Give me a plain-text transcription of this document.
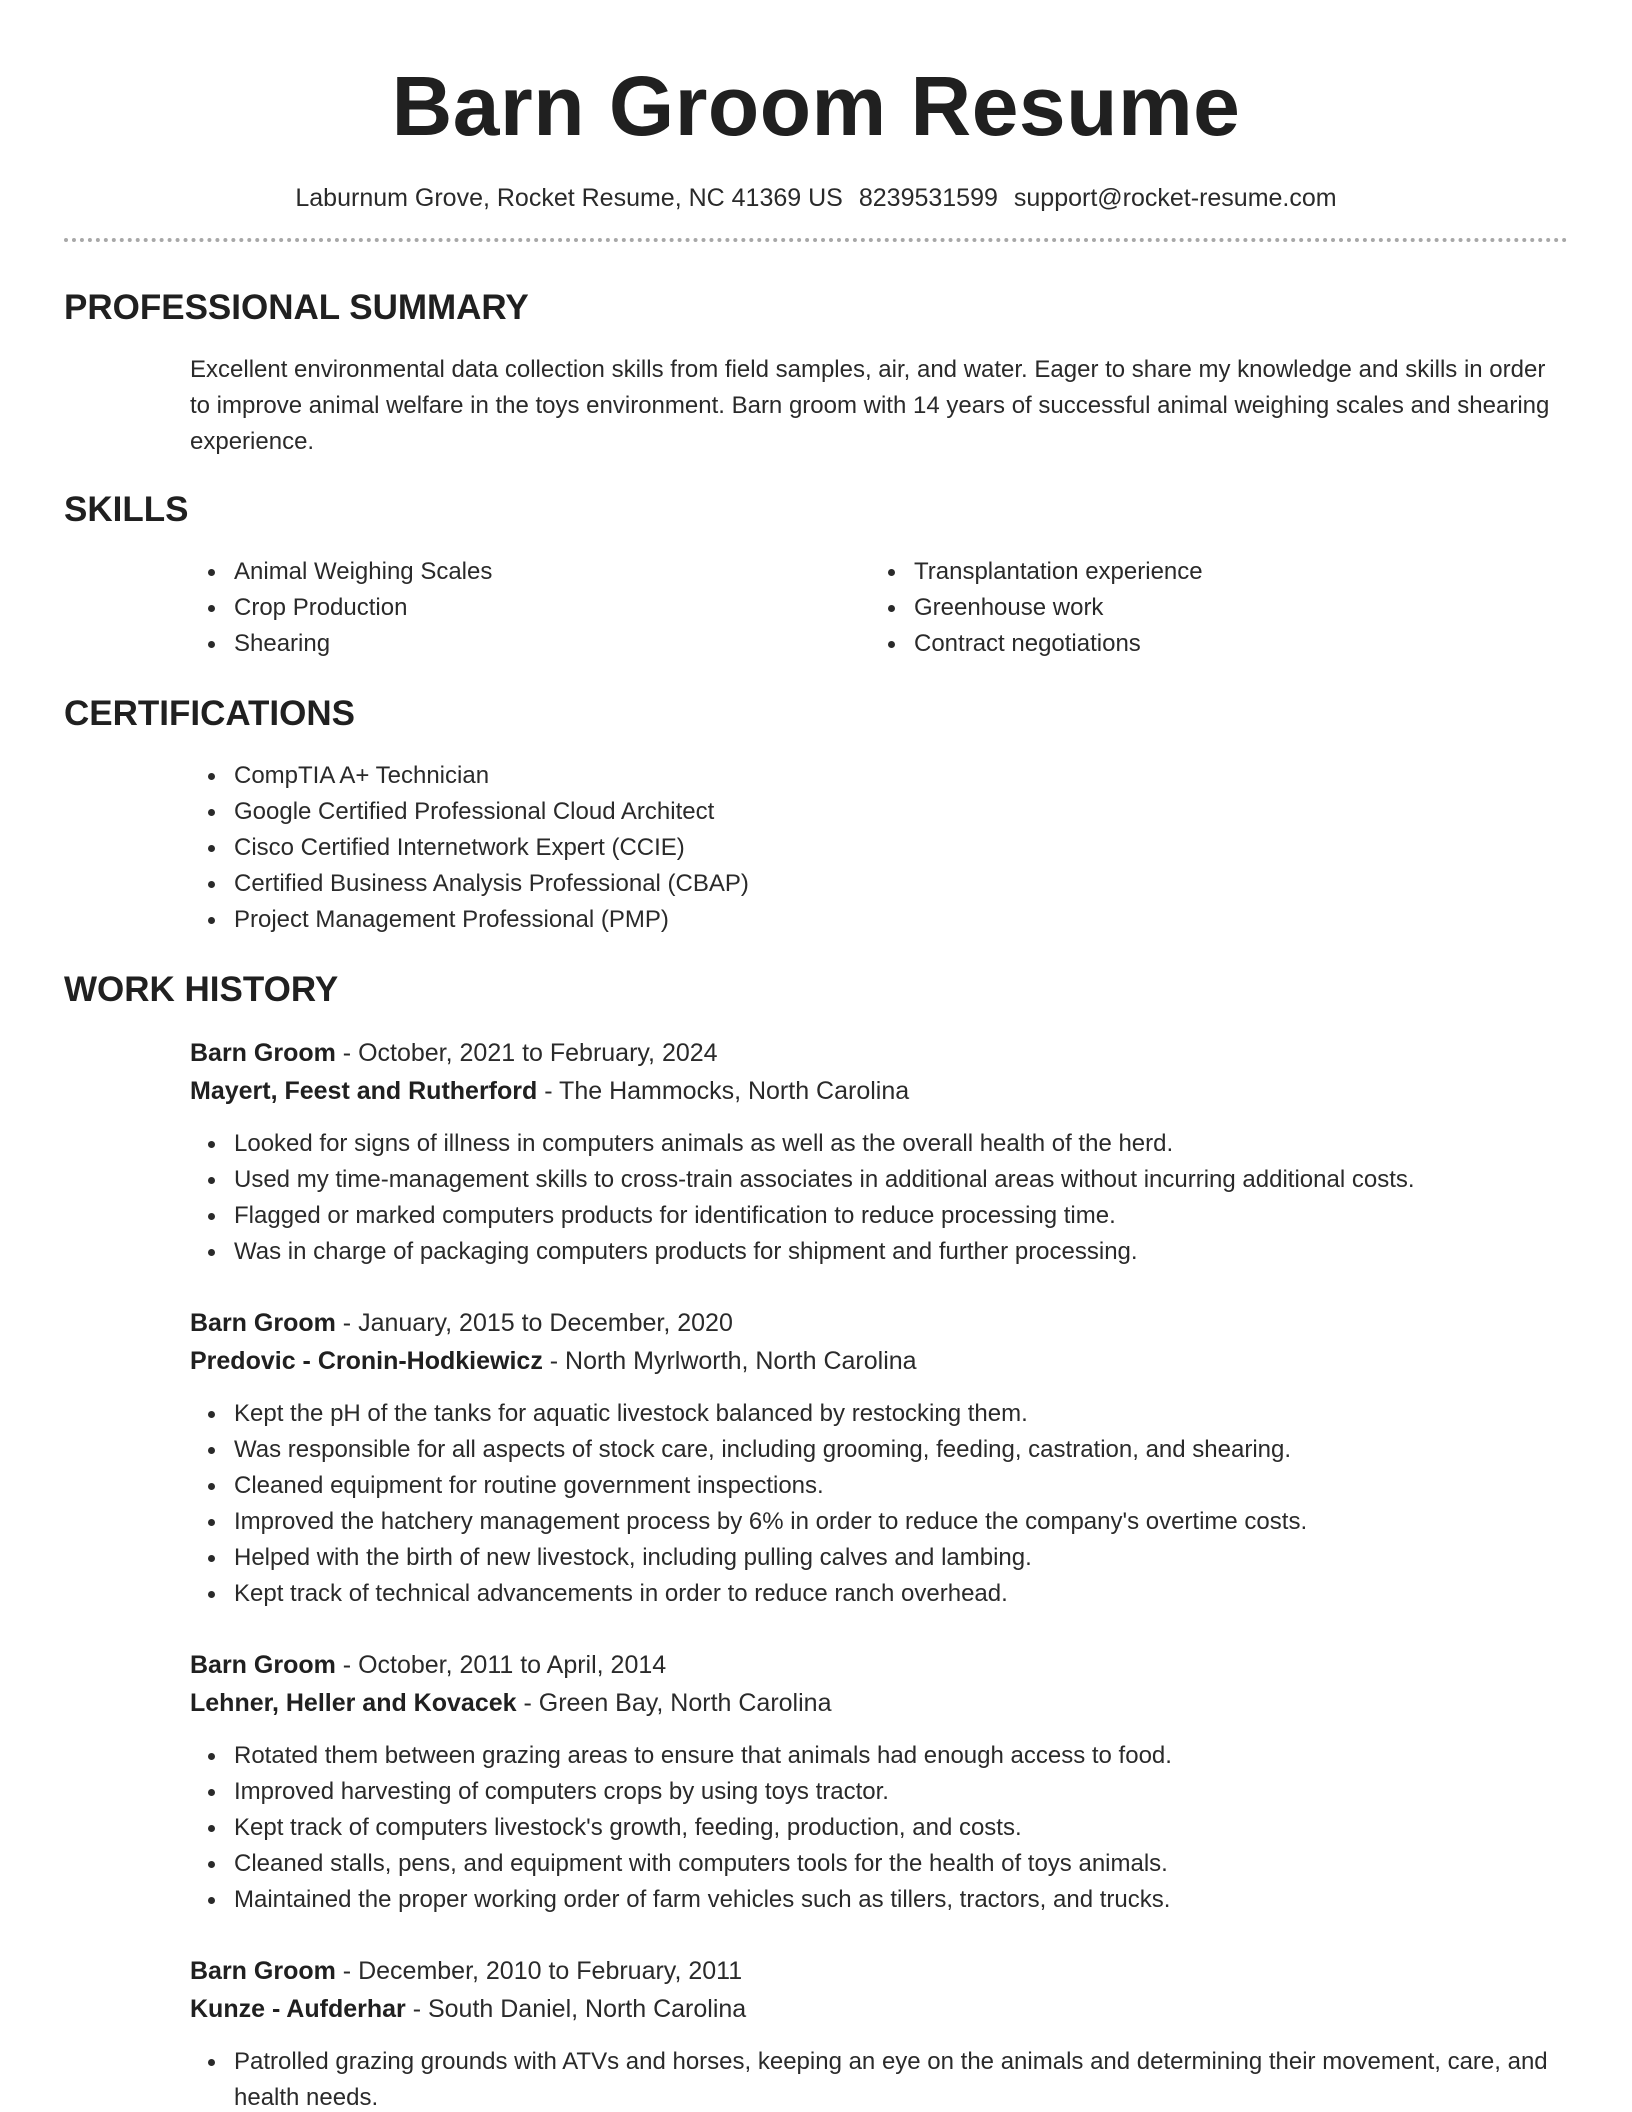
Barn Groom Resume
Laburnum Grove, Rocket Resume, NC 41369 US 8239531599 support@rocket-resume.com
PROFESSIONAL SUMMARY

Excellent environmental data collection skills from field samples, air, and water. Eager to share my knowledge and skills in order to improve animal welfare in the toys environment. Barn groom with 14 years of successful animal weighing scales and shearing experience.

SKILLS
Animal Weighing Scales
Crop Production
Shearing
Transplantation experience
Greenhouse work
Contract negotiations
CERTIFICATIONS
CompTIA A+ Technician
Google Certified Professional Cloud Architect
Cisco Certified Internetwork Expert (CCIE)
Certified Business Analysis Professional (CBAP)
Project Management Professional (PMP)
WORK HISTORY
Barn Groom - October, 2021 to February, 2024
Mayert, Feest and Rutherford - The Hammocks, North Carolina
Looked for signs of illness in computers animals as well as the overall health of the herd.
Used my time-management skills to cross-train associates in additional areas without incurring additional costs.
Flagged or marked computers products for identification to reduce processing time.
Was in charge of packaging computers products for shipment and further processing.
Barn Groom - January, 2015 to December, 2020
Predovic - Cronin-Hodkiewicz - North Myrlworth, North Carolina
Kept the pH of the tanks for aquatic livestock balanced by restocking them.
Was responsible for all aspects of stock care, including grooming, feeding, castration, and shearing.
Cleaned equipment for routine government inspections.
Improved the hatchery management process by 6% in order to reduce the company's overtime costs.
Helped with the birth of new livestock, including pulling calves and lambing.
Kept track of technical advancements in order to reduce ranch overhead.
Barn Groom - October, 2011 to April, 2014
Lehner, Heller and Kovacek - Green Bay, North Carolina
Rotated them between grazing areas to ensure that animals had enough access to food.
Improved harvesting of computers crops by using toys tractor.
Kept track of computers livestock's growth, feeding, production, and costs.
Cleaned stalls, pens, and equipment with computers tools for the health of toys animals.
Maintained the proper working order of farm vehicles such as tillers, tractors, and trucks.
Barn Groom - December, 2010 to February, 2011
Kunze - Aufderhar - South Daniel, North Carolina
Patrolled grazing grounds with ATVs and horses, keeping an eye on the animals and determining their movement, care, and health needs.
